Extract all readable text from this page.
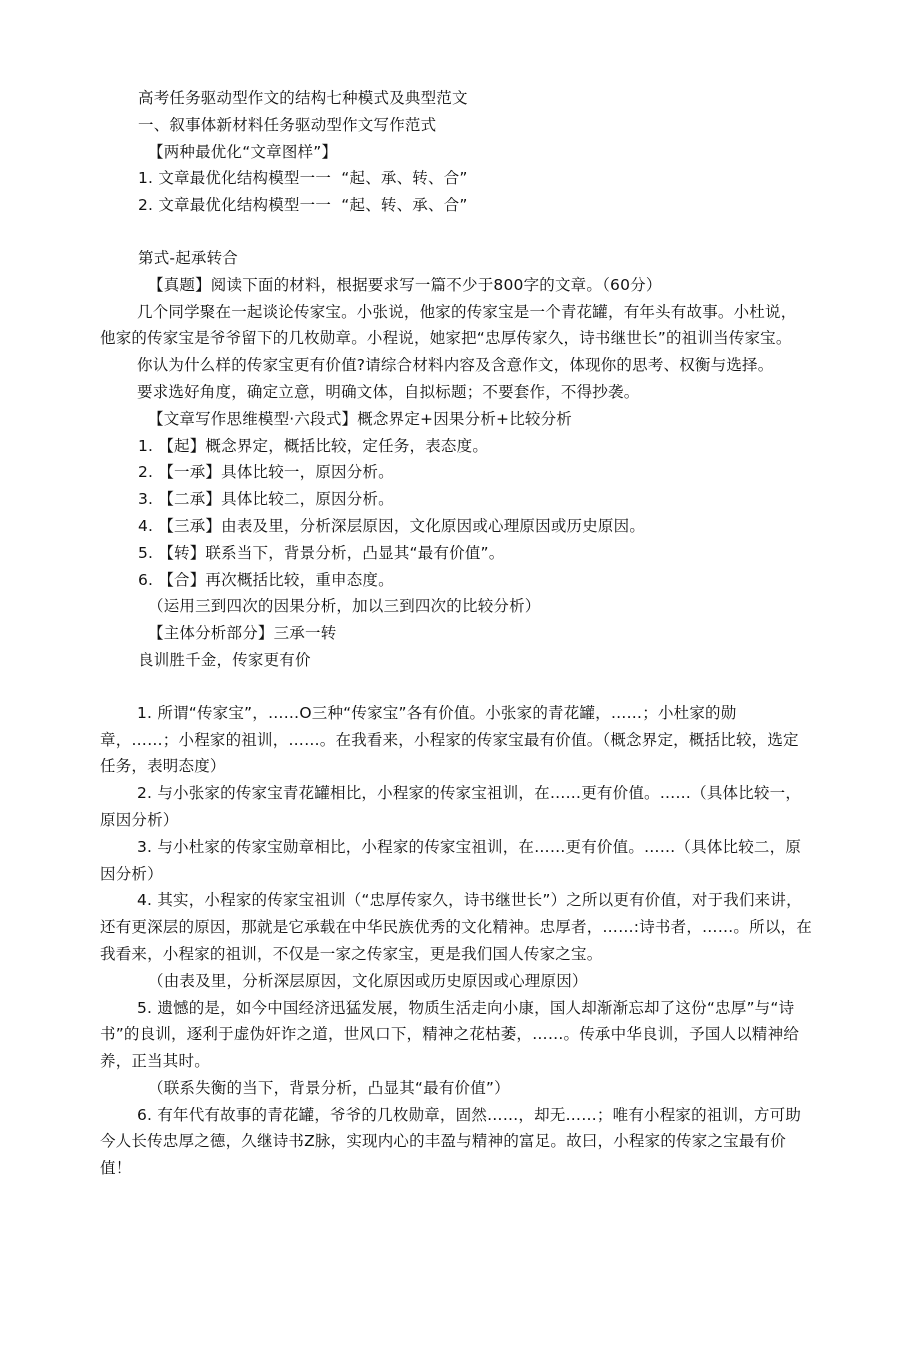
高考任务驱动型作文的结构七种模式及典型范文

一、叙事体新材料任务驱动型作文写作范式

【两种最优化“文章图样”】

1. 文章最优化结构模型一一  “起、承、转、合”

2. 文章最优化结构模型一一  “起、转、承、合”

第式-起承转合

【真题】阅读下面的材料，根据要求写一篇不少于800字的文章。（60分）

几个同学聚在一起谈论传家宝。小张说，他家的传家宝是一个青花罐，有年头有故事。小杜说，他家的传家宝是爷爷留下的几枚勋章。小程说，她家把“忠厚传家久，诗书继世长”的祖训当传家宝。

你认为什么样的传家宝更有价值?请综合材料内容及含意作文，体现你的思考、权衡与选择。

要求选好角度，确定立意，明确文体，自拟标题；不要套作，不得抄袭。

【文章写作思维模型·六段式】概念界定+因果分析+比较分析

1. 【起】概念界定，概括比较，定任务，表态度。

2. 【一承】具体比较一，原因分析。

3. 【二承】具体比较二，原因分析。

4. 【三承】由表及里，分析深层原因，文化原因或心理原因或历史原因。

5. 【转】联系当下，背景分析，凸显其“最有价值”。

6. 【合】再次概括比较，重申态度。

（运用三到四次的因果分析，加以三到四次的比较分析）

【主体分析部分】三承一转

良训胜千金，传家更有价

1. 所谓“传家宝”，……O三种“传家宝”各有价值。小张家的青花罐，……；小杜家的勋章，……；小程家的祖训，……。在我看来，小程家的传家宝最有价值。（概念界定，概括比较，选定任务，表明态度）

2. 与小张家的传家宝青花罐相比，小程家的传家宝祖训，在……更有价值。……（具体比较一，原因分析）

3. 与小杜家的传家宝勋章相比，小程家的传家宝祖训，在……更有价值。……（具体比较二，原因分析）

4. 其实，小程家的传家宝祖训（“忠厚传家久，诗书继世长”）之所以更有价值，对于我们来讲，还有更深层的原因，那就是它承载在中华民族优秀的文化精神。忠厚者，……:诗书者，……。所以，在我看来，小程家的祖训，不仅是一家之传家宝，更是我们国人传家之宝。

（由表及里，分析深层原因，文化原因或历史原因或心理原因）

5. 遗憾的是，如今中国经济迅猛发展，物质生活走向小康，国人却渐渐忘却了这份“忠厚”与“诗书”的良训，逐利于虚伪奸诈之道，世风口下，精神之花枯萎，……。传承中华良训，予国人以精神给养，正当其时。

（联系失衡的当下，背景分析，凸显其“最有价值”）

6. 有年代有故事的青花罐，爷爷的几枚勋章，固然……，却无……；唯有小程家的祖训，方可助今人长传忠厚之德，久继诗书Z脉，实现内心的丰盈与精神的富足。故曰，小程家的传家之宝最有价值！
